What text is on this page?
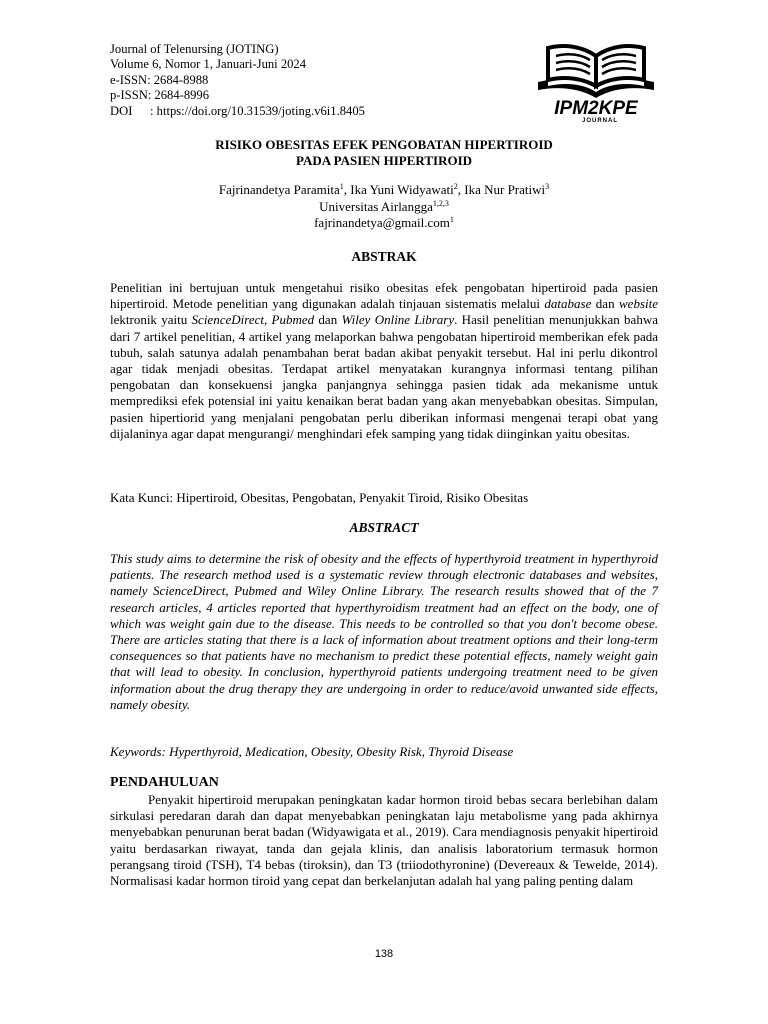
Journal of Telenursing (JOTING)
Volume 6, Nomor 1, Januari-Juni 2024
e-ISSN: 2684-8988
p-ISSN: 2684-8996
DOI : https://doi.org/10.31539/joting.v6i1.8405	IPM2KPE
JOURNAL
RISIKO OBESITAS EFEK PENGOBATAN HIPERTIROID
PADA PASIEN HIPERTIROID
Fajrinandetya Paramita$^1$, Ika Yuni Widyawati$^2$, Ika Nur Pratiwi$^3$
Universitas Airlangga$^{1,2,3}$
fajrinandetya@gmail.com$^1$
ABSTRAK
Penelitian ini bertujuan untuk mengetahui risiko obesitas efek pengobatan hipertiroid pada pasien hipertiroid. Metode penelitian yang digunakan adalah tinjauan sistematis melalui database dan website lektronik yaitu ScienceDirect, Pubmed dan Wiley Online Library. Hasil penelitian menunjukkan bahwa dari 7 artikel penelitian, 4 artikel yang melaporkan bahwa pengobatan hipertiroid memberikan efek pada tubuh, salah satunya adalah penambahan berat badan akibat penyakit tersebut. Hal ini perlu dikontrol agar tidak menjadi obesitas. Terdapat artikel menyatakan kurangnya informasi tentang pilihan pengobatan dan konsekuensi jangka panjangnya sehingga pasien tidak ada mekanisme untuk memprediksi efek potensial ini yaitu kenaikan berat badan yang akan menyebabkan obesitas. Simpulan, pasien hipertiorid yang menjalani pengobatan perlu diberikan informasi mengenai terapi obat yang dijalaninya agar dapat mengurangi/ menghindari efek samping yang tidak diinginkan yaitu obesitas.
Kata Kunci: Hipertiroid, Obesitas, Pengobatan, Penyakit Tiroid, Risiko Obesitas
ABSTRACT
This study aims to determine the risk of obesity and the effects of hyperthyroid treatment in hyperthyroid patients. The research method used is a systematic review through electronic databases and websites, namely ScienceDirect, Pubmed and Wiley Online Library. The research results showed that of the 7 research articles, 4 articles reported that hyperthyroidism treatment had an effect on the body, one of which was weight gain due to the disease. This needs to be controlled so that you don't become obese. There are articles stating that there is a lack of information about treatment options and their long-term consequences so that patients have no mechanism to predict these potential effects, namely weight gain that will lead to obesity. In conclusion, hyperthyroid patients undergoing treatment need to be given information about the drug therapy they are undergoing in order to reduce/avoid unwanted side effects, namely obesity.
Keywords: Hyperthyroid, Medication, Obesity, Obesity Risk, Thyroid Disease
PENDAHULUAN
Penyakit hipertiroid merupakan peningkatan kadar hormon tiroid bebas secara berlebihan dalam sirkulasi peredaran darah dan dapat menyebabkan peningkatan laju metabolisme yang pada akhirnya menyebabkan penurunan berat badan (Widyawigata et al., 2019). Cara mendiagnosis penyakit hipertiroid yaitu berdasarkan riwayat, tanda dan gejala klinis, dan analisis laboratorium termasuk hormon perangsang tiroid (TSH), T4 bebas (tiroksin), dan T3 (triiodothyronine) (Devereaux & Tewelde, 2014). Normalisasi kadar hormon tiroid yang cepat dan berkelanjutan adalah hal yang paling penting dalam
138
